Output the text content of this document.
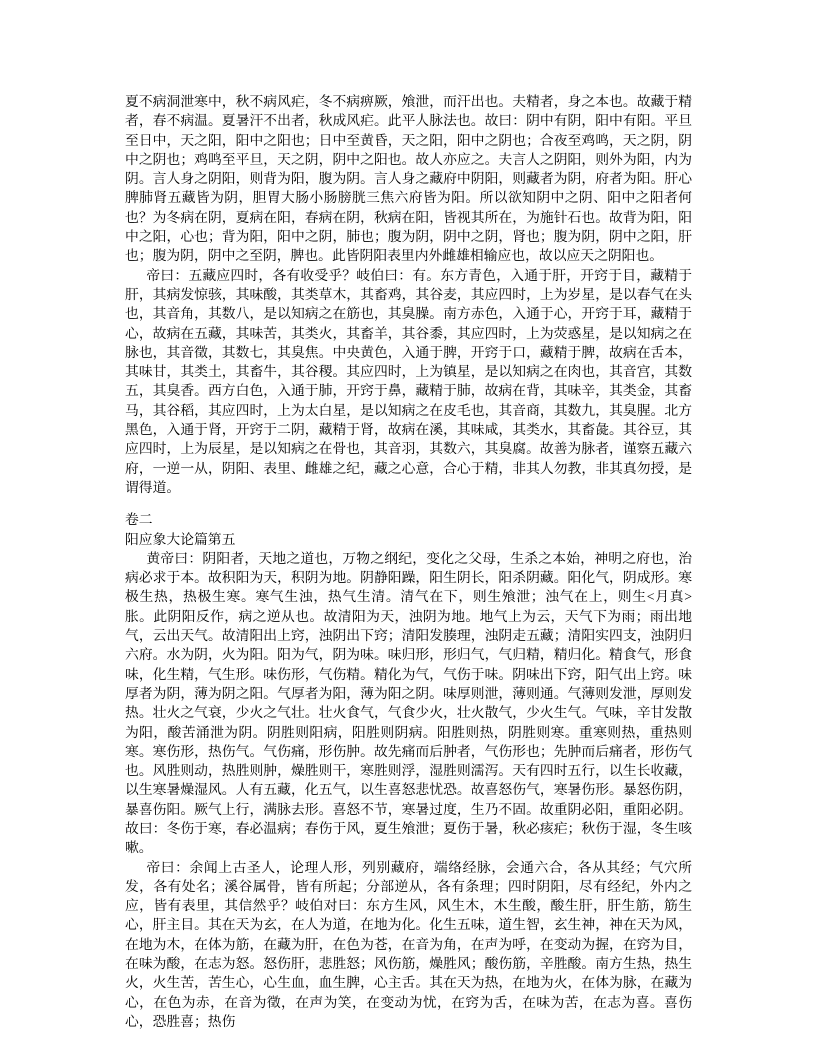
夏不病洞泄寒中，秋不病风疟，冬不病痹厥，飧泄，而汗出也。夫精者，身之本也。故藏于精者，春不病温。夏暑汗不出者，秋成风疟。此平人脉法也。故曰：阴中有阴，阳中有阳。平旦至日中，天之阳，阳中之阳也；日中至黄昏，天之阳，阳中之阴也；合夜至鸡鸣，天之阴，阴中之阴也；鸡鸣至平旦，天之阴，阴中之阳也。故人亦应之。夫言人之阴阳，则外为阳，内为阴。言人身之阴阳，则背为阳，腹为阴。言人身之藏府中阴阳，则藏者为阴，府者为阳。肝心脾肺肾五藏皆为阴，胆胃大肠小肠膀胱三焦六府皆为阳。所以欲知阴中之阴、阳中之阳者何也？为冬病在阴，夏病在阳，春病在阴，秋病在阳，皆视其所在，为施针石也。故背为阳，阳中之阳，心也；背为阳，阳中之阴，肺也；腹为阴，阴中之阴，肾也；腹为阴，阴中之阳，肝也；腹为阴，阴中之至阴，脾也。此皆阴阳表里内外雌雄相输应也，故以应天之阴阳也。

帝曰：五藏应四时，各有收受乎？岐伯曰：有。东方青色，入通于肝，开窍于目，藏精于肝，其病发惊骇，其味酸，其类草木，其畜鸡，其谷麦，其应四时，上为岁星，是以春气在头也，其音角，其数八，是以知病之在筋也，其臭臊。南方赤色，入通于心，开窍于耳，藏精于心，故病在五藏，其味苦，其类火，其畜羊，其谷黍，其应四时，上为荧惑星，是以知病之在脉也，其音徵，其数七，其臭焦。中央黄色，入通于脾，开窍于口，藏精于脾，故病在舌本，其味甘，其类土，其畜牛，其谷稷。其应四时，上为镇星，是以知病之在肉也，其音宫，其数五，其臭香。西方白色，入通于肺，开窍于鼻，藏精于肺，故病在背，其味辛，其类金，其畜马，其谷稻，其应四时，上为太白星，是以知病之在皮毛也，其音商，其数九，其臭腥。北方黑色，入通于肾，开窍于二阴，藏精于肾，故病在溪，其味咸，其类水，其畜彘。其谷豆，其应四时，上为辰星，是以知病之在骨也，其音羽，其数六，其臭腐。故善为脉者，谨察五藏六府，一逆一从，阴阳、表里、雌雄之纪，藏之心意，合心于精，非其人勿教，非其真勿授，是谓得道。

卷二

阳应象大论篇第五

黄帝曰：阴阳者，天地之道也，万物之纲纪，变化之父母，生杀之本始，神明之府也，治病必求于本。故积阳为天，积阴为地。阴静阳躁，阳生阴长，阳杀阴藏。阳化气，阴成形。寒极生热，热极生寒。寒气生浊，热气生清。清气在下，则生飧泄；浊气在上，则生<月真>胀。此阴阳反作，病之逆从也。故清阳为天，浊阴为地。地气上为云，天气下为雨；雨出地气，云出天气。故清阳出上窍，浊阴出下窍；清阳发腠理，浊阴走五藏；清阳实四支，浊阴归六府。水为阴，火为阳。阳为气，阴为味。味归形，形归气，气归精，精归化。精食气，形食味，化生精，气生形。味伤形，气伤精。精化为气，气伤于味。阴味出下窍，阳气出上窍。味厚者为阴，薄为阴之阳。气厚者为阳，薄为阳之阴。味厚则泄，薄则通。气薄则发泄，厚则发热。壮火之气衰，少火之气壮。壮火食气，气食少火，壮火散气，少火生气。气味，辛甘发散为阳，酸苦涌泄为阴。阴胜则阳病，阳胜则阴病。阳胜则热，阴胜则寒。重寒则热，重热则寒。寒伤形，热伤气。气伤痛，形伤肿。故先痛而后肿者，气伤形也；先肿而后痛者，形伤气也。风胜则动，热胜则肿，燥胜则干，寒胜则浮，湿胜则濡泻。天有四时五行，以生长收藏，以生寒暑燥湿风。人有五藏，化五气，以生喜怒悲忧恐。故喜怒伤气，寒暑伤形。暴怒伤阴，暴喜伤阳。厥气上行，满脉去形。喜怒不节，寒暑过度，生乃不固。故重阴必阳，重阳必阴。故曰：冬伤于寒，春必温病；春伤于风，夏生飧泄；夏伤于暑，秋必痎疟；秋伤于湿，冬生咳嗽。

帝曰：余闻上古圣人，论理人形，列别藏府，端络经脉，会通六合，各从其经；气穴所发，各有处名；溪谷属骨，皆有所起；分部逆从，各有条理；四时阴阳，尽有经纪，外内之应，皆有表里，其信然乎？岐伯对曰：东方生风，风生木，木生酸，酸生肝，肝生筋，筋生心，肝主目。其在天为玄，在人为道，在地为化。化生五味，道生智，玄生神，神在天为风，在地为木，在体为筋，在藏为肝，在色为苍，在音为角，在声为呼，在变动为握，在窍为目，在味为酸，在志为怒。怒伤肝，悲胜怒；风伤筋，燥胜风；酸伤筋，辛胜酸。南方生热，热生火，火生苦，苦生心，心生血，血生脾，心主舌。其在天为热，在地为火，在体为脉，在藏为心，在色为赤，在音为徵，在声为笑，在变动为忧，在窍为舌，在味为苦，在志为喜。喜伤心，恐胜喜；热伤
